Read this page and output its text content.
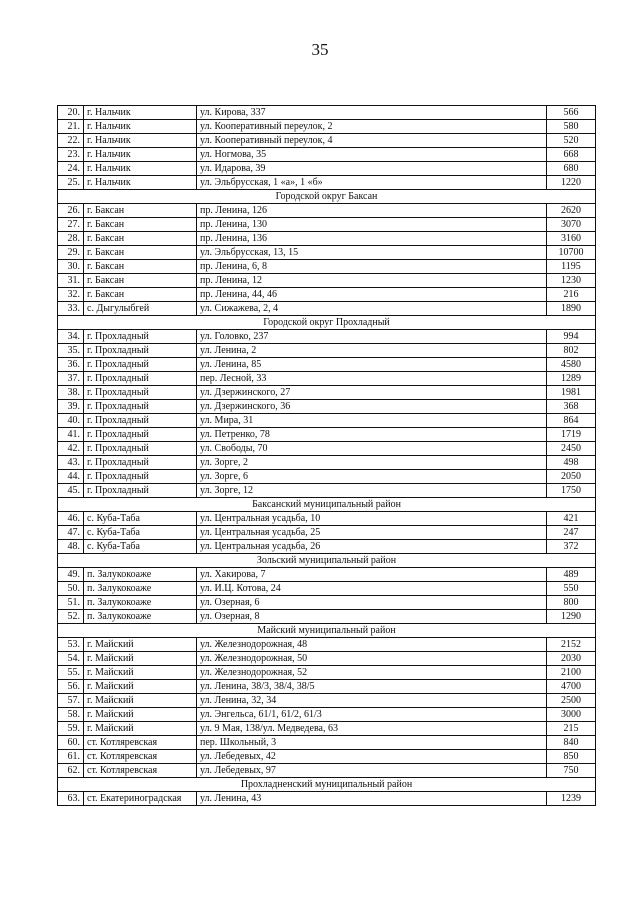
35
20.	г. Нальчик	ул. Кирова, 337	566
21.	г. Нальчик	ул. Кооперативный переулок, 2	580
22.	г. Нальчик	ул. Кооперативный переулок, 4	520
23.	г. Нальчик	ул. Ногмова, 35	668
24.	г. Нальчик	ул. Идарова, 39	680
25.	г. Нальчик	ул. Эльбрусская, 1 «а», 1 «б»	1220
Городской округ Баксан			
26.	г. Баксан	пр. Ленина, 126	2620
27.	г. Баксан	пр. Ленина, 130	3070
28.	г. Баксан	пр. Ленина, 136	3160
29.	г. Баксан	ул. Эльбрусская, 13, 15	10700
30.	г. Баксан	пр. Ленина, 6, 8	1195
31.	г. Баксан	пр. Ленина, 12	1230
32.	г. Баксан	пр. Ленина, 44, 46	216
33.	с. Дыгулыбгей	ул. Сижажева, 2, 4	1890
Городской округ Прохладный			
34.	г. Прохладный	ул. Головко, 237	994
35.	г. Прохладный	ул. Ленина, 2	802
36.	г. Прохладный	ул. Ленина, 85	4580
37.	г. Прохладный	пер. Лесной, 33	1289
38.	г. Прохладный	ул. Дзержинского, 27	1981
39.	г. Прохладный	ул. Дзержинского, 36	368
40.	г. Прохладный	ул. Мира, 31	864
41.	г. Прохладный	ул. Петренко, 78	1719
42.	г. Прохладный	ул. Свободы, 70	2450
43.	г. Прохладный	ул. Зорге, 2	498
44.	г. Прохладный	ул. Зорге, 6	2050
45.	г. Прохладный	ул. Зорге, 12	1750
Баксанский муниципальный район			
46.	с. Куба-Таба	ул. Центральная усадьба, 10	421
47.	с. Куба-Таба	ул. Центральная усадьба, 25	247
48.	с. Куба-Таба	ул. Центральная усадьба, 26	372
Зольский муниципальный район			
49.	п. Залукокоаже	ул. Хакирова, 7	489
50.	п. Залукокоаже	ул. И.Ц. Котова, 24	550
51.	п. Залукокоаже	ул. Озерная, 6	800
52.	п. Залукокоаже	ул. Озерная, 8	1290
Майский муниципальный район			
53.	г. Майский	ул. Железнодорожная, 48	2152
54.	г. Майский	ул. Железнодорожная, 50	2030
55.	г. Майский	ул. Железнодорожная, 52	2100
56.	г. Майский	ул. Ленина, 38/3, 38/4, 38/5	4700
57.	г. Майский	ул. Ленина, 32, 34	2500
58.	г. Майский	ул. Энгельса, 61/1, 61/2, 61/3	3000
59.	г. Майский	ул. 9 Мая, 138/ул. Медведева, 63	215
60.	ст. Котляревская	пер. Школьный, 3	840
61.	ст. Котляревская	ул. Лебедевых, 42	850
62.	ст. Котляревская	ул. Лебедевых, 97	750
Прохладненский муниципальный район			
63.	ст. Екатериноградская	ул. Ленина, 43	1239
